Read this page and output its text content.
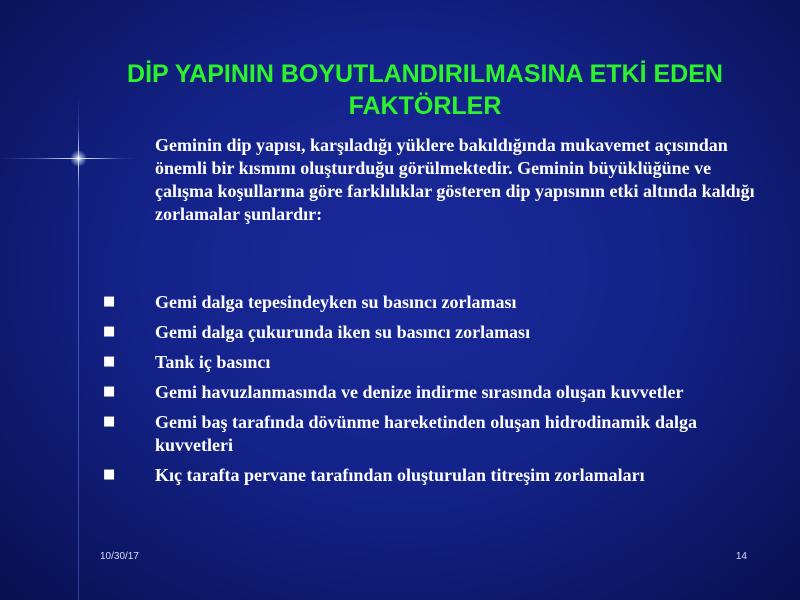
DİP YAPININ BOYUTLANDIRILMASINA ETKİ EDEN
FAKTÖRLER
Geminin dip yapısı, karşıladığı yüklere bakıldığında mukavemet açısından önemli bir kısmını oluşturduğu görülmektedir. Geminin büyüklüğüne ve çalışma koşullarına göre farklılıklar gösteren dip yapısının etki altında kaldığı zorlamalar şunlardır:
■ Gemi dalga tepesindeyken su basıncı zorlaması
■ Gemi dalga çukurunda iken su basıncı zorlaması
■ Tank iç basıncı
■ Gemi havuzlanmasında ve denize indirme sırasında oluşan kuvvetler
■ Gemi baş tarafında dövünme hareketinden oluşan hidrodinamik dalga kuvvetleri
■ Kıç tarafta pervane tarafından oluşturulan titreşim zorlamaları
10/30/17	14
